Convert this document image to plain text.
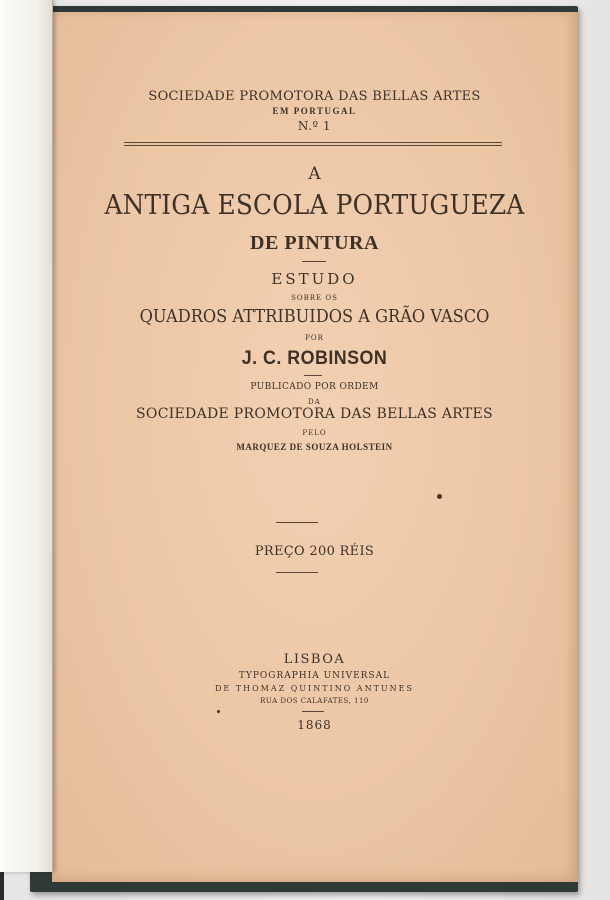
SOCIEDADE PROMOTORA DAS BELLAS ARTES
EM PORTUGAL
N.º 1
A
ANTIGA ESCOLA PORTUGUEZA
DE PINTURA
ESTUDO
SOBRE OS
QUADROS ATTRIBUIDOS A GRÃO VASCO
POR
J. C. ROBINSON
PUBLICADO POR ORDEM
DA
SOCIEDADE PROMOTORA DAS BELLAS ARTES
PELO
MARQUEZ DE SOUZA HOLSTEIN
PREÇO 200 RÉIS
LISBOA
TYPOGRAPHIA UNIVERSAL
DE THOMAZ QUINTINO ANTUNES
RUA DOS CALAFATES, 110
1868
